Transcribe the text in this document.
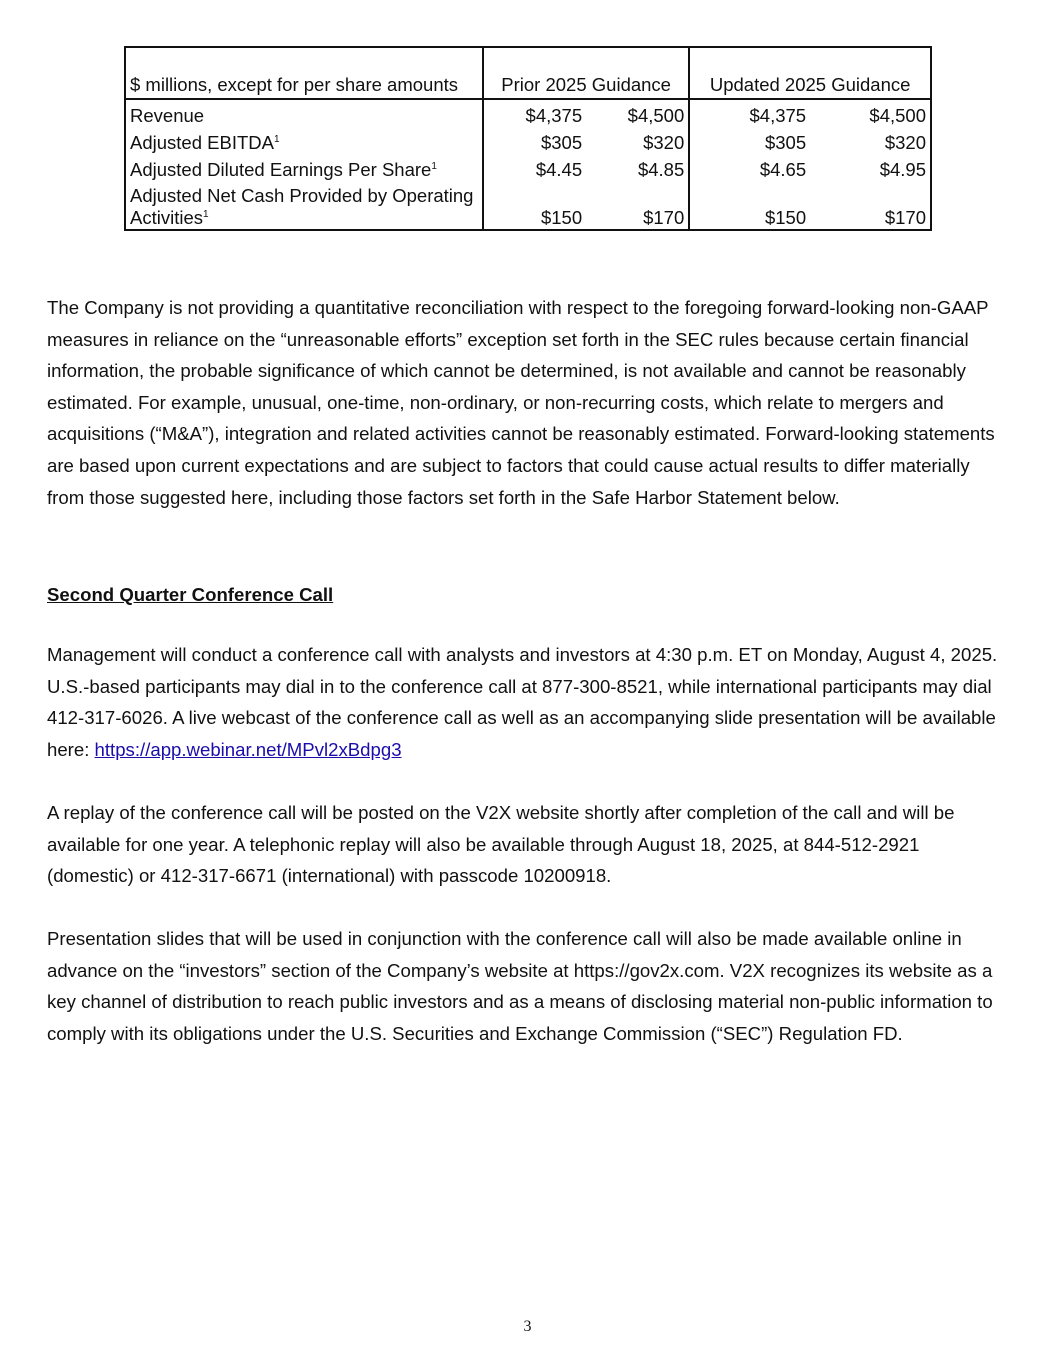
$ millions, except for per share amounts	Prior 2025 Guidance		Updated 2025 Guidance	
Revenue	$4,375	$4,500	$4,375	$4,500
Adjusted EBITDA$^1$	$305	$320	$305	$320
Adjusted Diluted Earnings Per Share$^1$	$4.45	$4.85	$4.65	$4.95
Adjusted Net Cash Provided by Operating Activities$^1$	$150	$170	$150	$170

The Company is not providing a quantitative reconciliation with respect to the foregoing forward-looking non-GAAP measures in reliance on the “unreasonable efforts” exception set forth in the SEC rules because certain financial information, the probable significance of which cannot be determined, is not available and cannot be reasonably estimated. For example, unusual, one-time, non-ordinary, or non-recurring costs, which relate to mergers and acquisitions (“M&A”), integration and related activities cannot be reasonably estimated. Forward-looking statements are based upon current expectations and are subject to factors that could cause actual results to differ materially from those suggested here, including those factors set forth in the Safe Harbor Statement below.

Second Quarter Conference Call

Management will conduct a conference call with analysts and investors at 4:30 p.m. ET on Monday, August 4, 2025. U.S.-based participants may dial in to the conference call at 877-300-8521, while international participants may dial 412-317-6026. A live webcast of the conference call as well as an accompanying slide presentation will be available here: https://app.webinar.net/MPvl2xBdpg3

A replay of the conference call will be posted on the V2X website shortly after completion of the call and will be available for one year. A telephonic replay will also be available through August 18, 2025, at 844-512-2921 (domestic) or 412-317-6671 (international) with passcode 10200918.

Presentation slides that will be used in conjunction with the conference call will also be made available online in advance on the “investors” section of the Company’s website at https://gov2x.com. V2X recognizes its website as a key channel of distribution to reach public investors and as a means of disclosing material non-public information to comply with its obligations under the U.S. Securities and Exchange Commission (“SEC”) Regulation FD.

3
